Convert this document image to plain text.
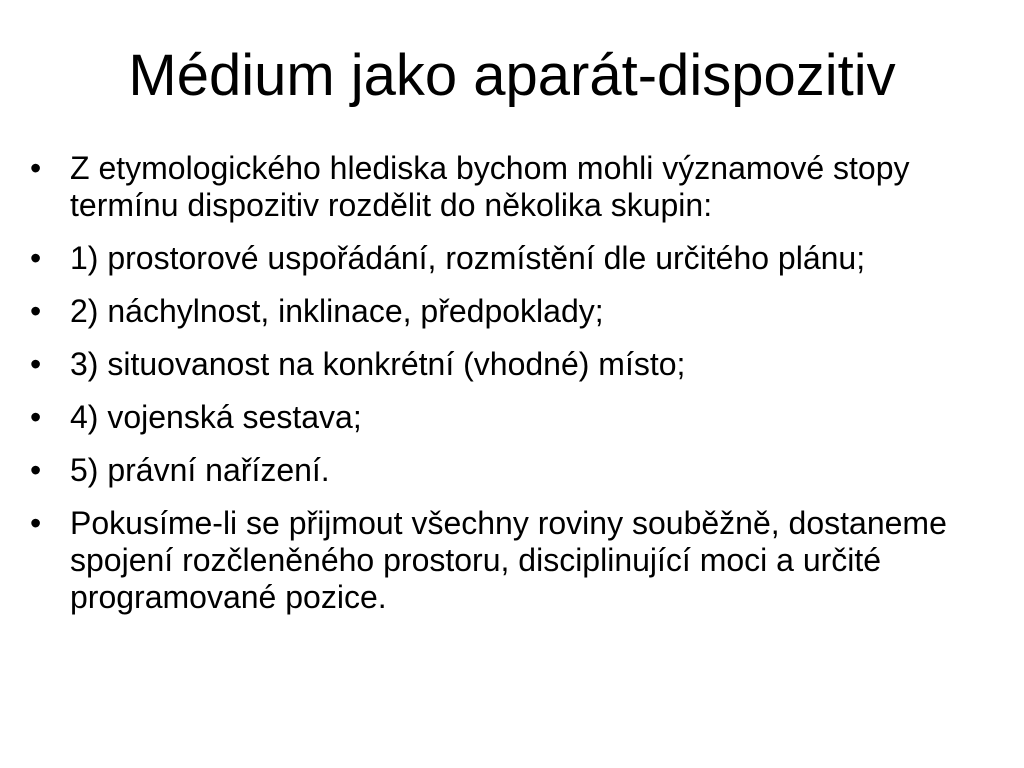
Médium jako aparát-dispozitiv
• Z etymologického hlediska bychom mohli významové stopy termínu dispozitiv rozdělit do několika skupin:
• 1) prostorové uspořádání, rozmístění dle určitého plánu;
• 2) náchylnost, inklinace, předpoklady;
• 3) situovanost na konkrétní (vhodné) místo;
• 4) vojenská sestava;
• 5) právní nařízení.
• Pokusíme-li se přijmout všechny roviny souběžně, dostaneme spojení rozčleněného prostoru, disciplinující moci a určité programované pozice.
